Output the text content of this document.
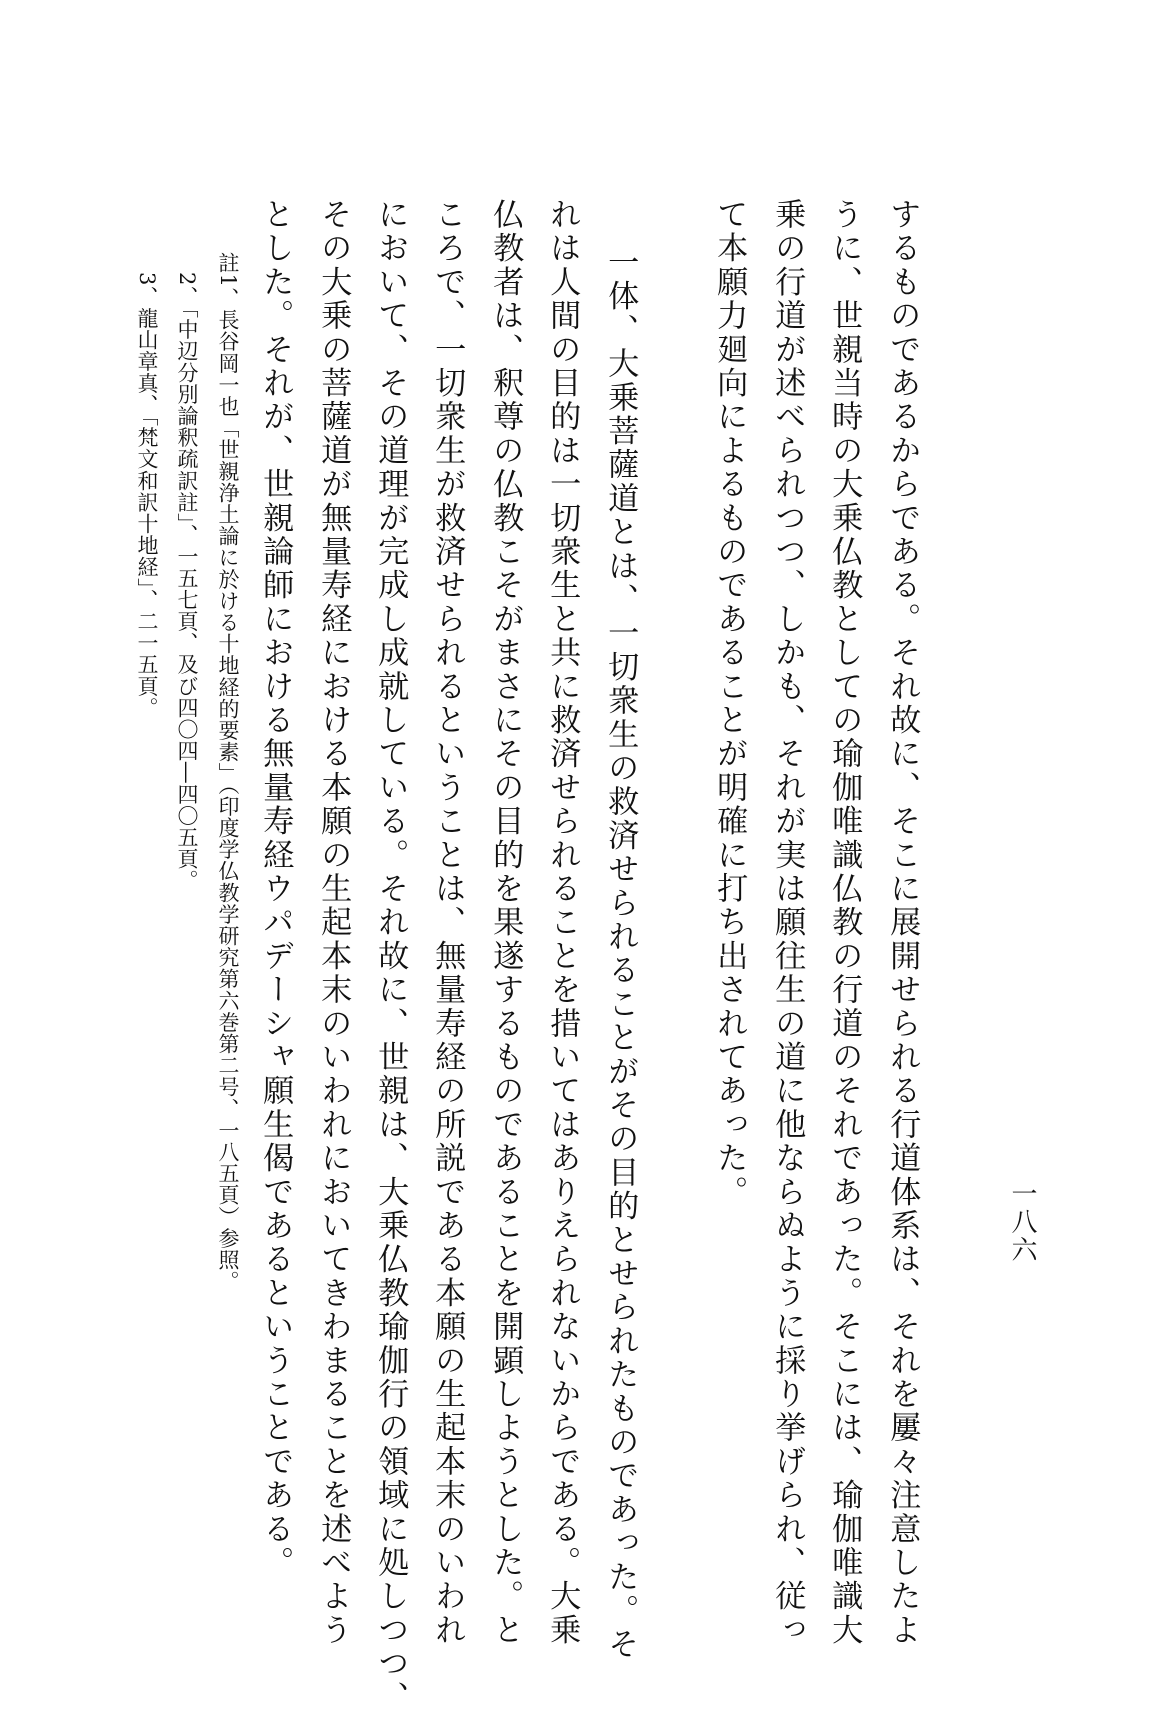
一八六
するものであるからである。それ故に、そこに展開せられる行道体系は、それを屢々注意したよ
うに、世親当時の大乗仏教としての瑜伽唯識仏教の行道のそれであった。そこには、瑜伽唯識大
乗の行道が述べられつつ、しかも、それが実は願往生の道に他ならぬように採り挙げられ、従っ
て本願力廻向によるものであることが明確に打ち出されてあった。
一体、大乗菩薩道とは、一切衆生の救済せられることがその目的とせられたものであった。そ
れは人間の目的は一切衆生と共に救済せられることを措いてはありえられないからである。大乗
仏教者は、釈尊の仏教こそがまさにその目的を果遂するものであることを開顕しようとした。と
ころで、一切衆生が救済せられるということは、無量寿経の所説である本願の生起本末のいわれ
において、その道理が完成し成就している。それ故に、世親は、大乗仏教瑜伽行の領域に処しつつ、
その大乗の菩薩道が無量寿経における本願の生起本末のいわれにおいてきわまることを述べよう
とした。それが、世親論師における無量寿経ウパデーシャ願生偈であるということである。
註1、長谷岡一也「世親浄土論に於ける十地経的要素」（印度学仏教学研究第六巻第二号、一八五頁）参照。
2、「中辺分別論釈疏訳註」、一五七頁、及び四〇四―四〇五頁。
3、龍山章真、「梵文和訳十地経」、二一五頁。
